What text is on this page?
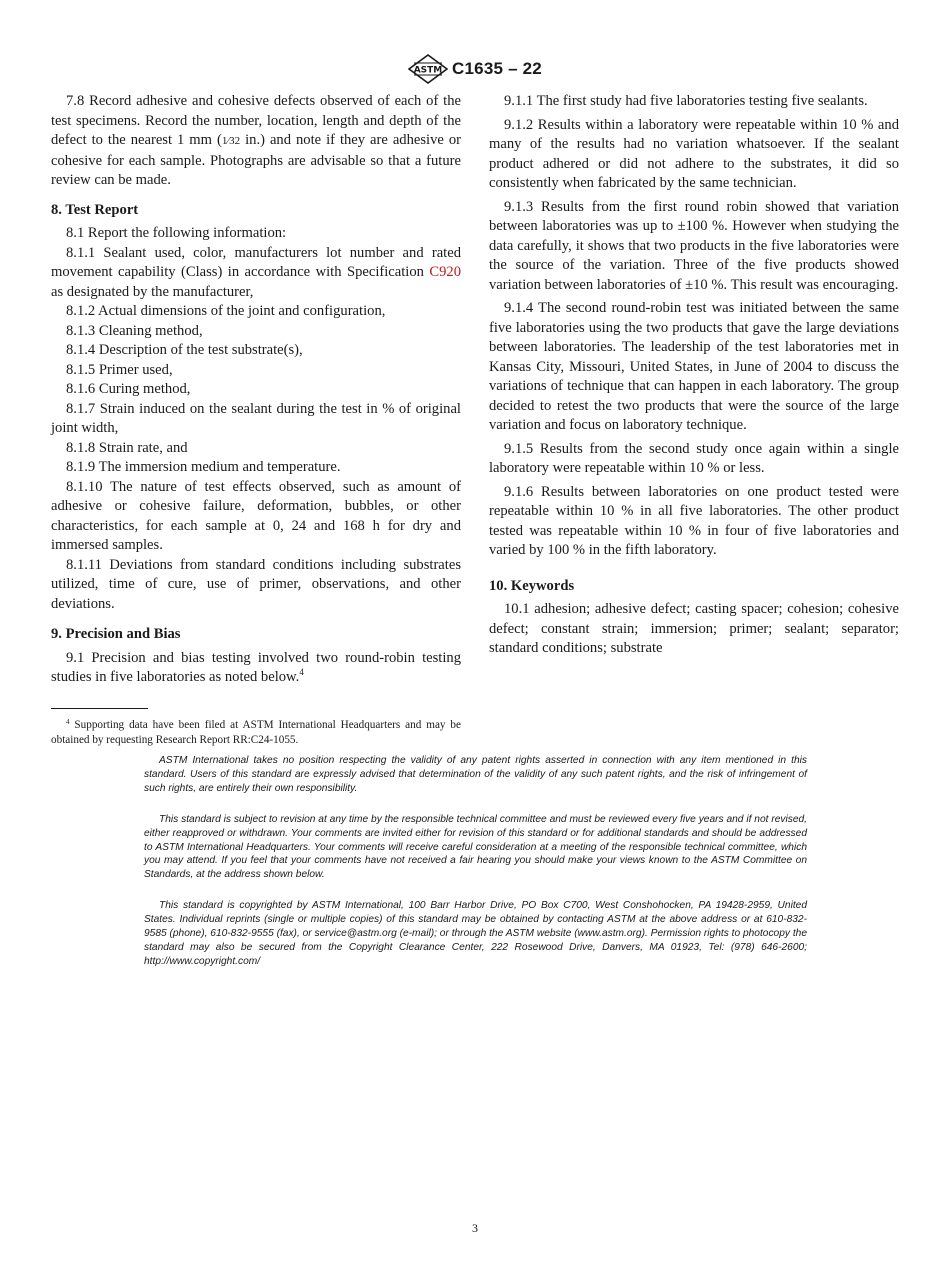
ASTM C1635 – 22

7.8 Record adhesive and cohesive defects observed of each of the test specimens. Record the number, location, length and depth of the defect to the nearest 1 mm (1⁄32 in.) and note if they are adhesive or cohesive for each sample. Photographs are advisable so that a future review can be made.

8. Test Report

8.1 Report the following information:

8.1.1 Sealant used, color, manufacturers lot number and rated movement capability (Class) in accordance with Specification C920 as designated by the manufacturer,

8.1.2 Actual dimensions of the joint and configuration,

8.1.3 Cleaning method,

8.1.4 Description of the test substrate(s),

8.1.5 Primer used,

8.1.6 Curing method,

8.1.7 Strain induced on the sealant during the test in % of original joint width,

8.1.8 Strain rate, and

8.1.9 The immersion medium and temperature.

8.1.10 The nature of test effects observed, such as amount of adhesive or cohesive failure, deformation, bubbles, or other characteristics, for each sample at 0, 24 and 168 h for dry and immersed samples.

8.1.11 Deviations from standard conditions including substrates utilized, time of cure, use of primer, observations, and other deviations.

9. Precision and Bias

9.1 Precision and bias testing involved two round-robin testing studies in five laboratories as noted below.$^4$

$^4$ Supporting data have been filed at ASTM International Headquarters and may be obtained by requesting Research Report RR:C24-1055.

9.1.1 The first study had five laboratories testing five sealants.

9.1.2 Results within a laboratory were repeatable within 10 % and many of the results had no variation whatsoever. If the sealant product adhered or did not adhere to the substrates, it did so consistently when fabricated by the same technician.

9.1.3 Results from the first round robin showed that variation between laboratories was up to ±100 %. However when studying the data carefully, it shows that two products in the five laboratories were the source of the variation. Three of the five products showed variation between laboratories of ±10 %. This result was encouraging.

9.1.4 The second round-robin test was initiated between the same five laboratories using the two products that gave the large deviations between laboratories. The leadership of the test laboratories met in Kansas City, Missouri, United States, in June of 2004 to discuss the variations of technique that can happen in each laboratory. The group decided to retest the two products that were the source of the large variation and focus on laboratory technique.

9.1.5 Results from the second study once again within a single laboratory were repeatable within 10 % or less.

9.1.6 Results between laboratories on one product tested were repeatable within 10 % in all five laboratories. The other product tested was repeatable within 10 % in four of five laboratories and varied by 100 % in the fifth laboratory.

10. Keywords

10.1 adhesion; adhesive defect; casting spacer; cohesion; cohesive defect; constant strain; immersion; primer; sealant; separator; standard conditions; substrate

ASTM International takes no position respecting the validity of any patent rights asserted in connection with any item mentioned in this standard. Users of this standard are expressly advised that determination of the validity of any such patent rights, and the risk of infringement of such rights, are entirely their own responsibility.

This standard is subject to revision at any time by the responsible technical committee and must be reviewed every five years and if not revised, either reapproved or withdrawn. Your comments are invited either for revision of this standard or for additional standards and should be addressed to ASTM International Headquarters. Your comments will receive careful consideration at a meeting of the responsible technical committee, which you may attend. If you feel that your comments have not received a fair hearing you should make your views known to the ASTM Committee on Standards, at the address shown below.

This standard is copyrighted by ASTM International, 100 Barr Harbor Drive, PO Box C700, West Conshohocken, PA 19428-2959, United States. Individual reprints (single or multiple copies) of this standard may be obtained by contacting ASTM at the above address or at 610-832-9585 (phone), 610-832-9555 (fax), or service@astm.org (e-mail); or through the ASTM website (www.astm.org). Permission rights to photocopy the standard may also be secured from the Copyright Clearance Center, 222 Rosewood Drive, Danvers, MA 01923, Tel: (978) 646-2600; http://www.copyright.com/

3
